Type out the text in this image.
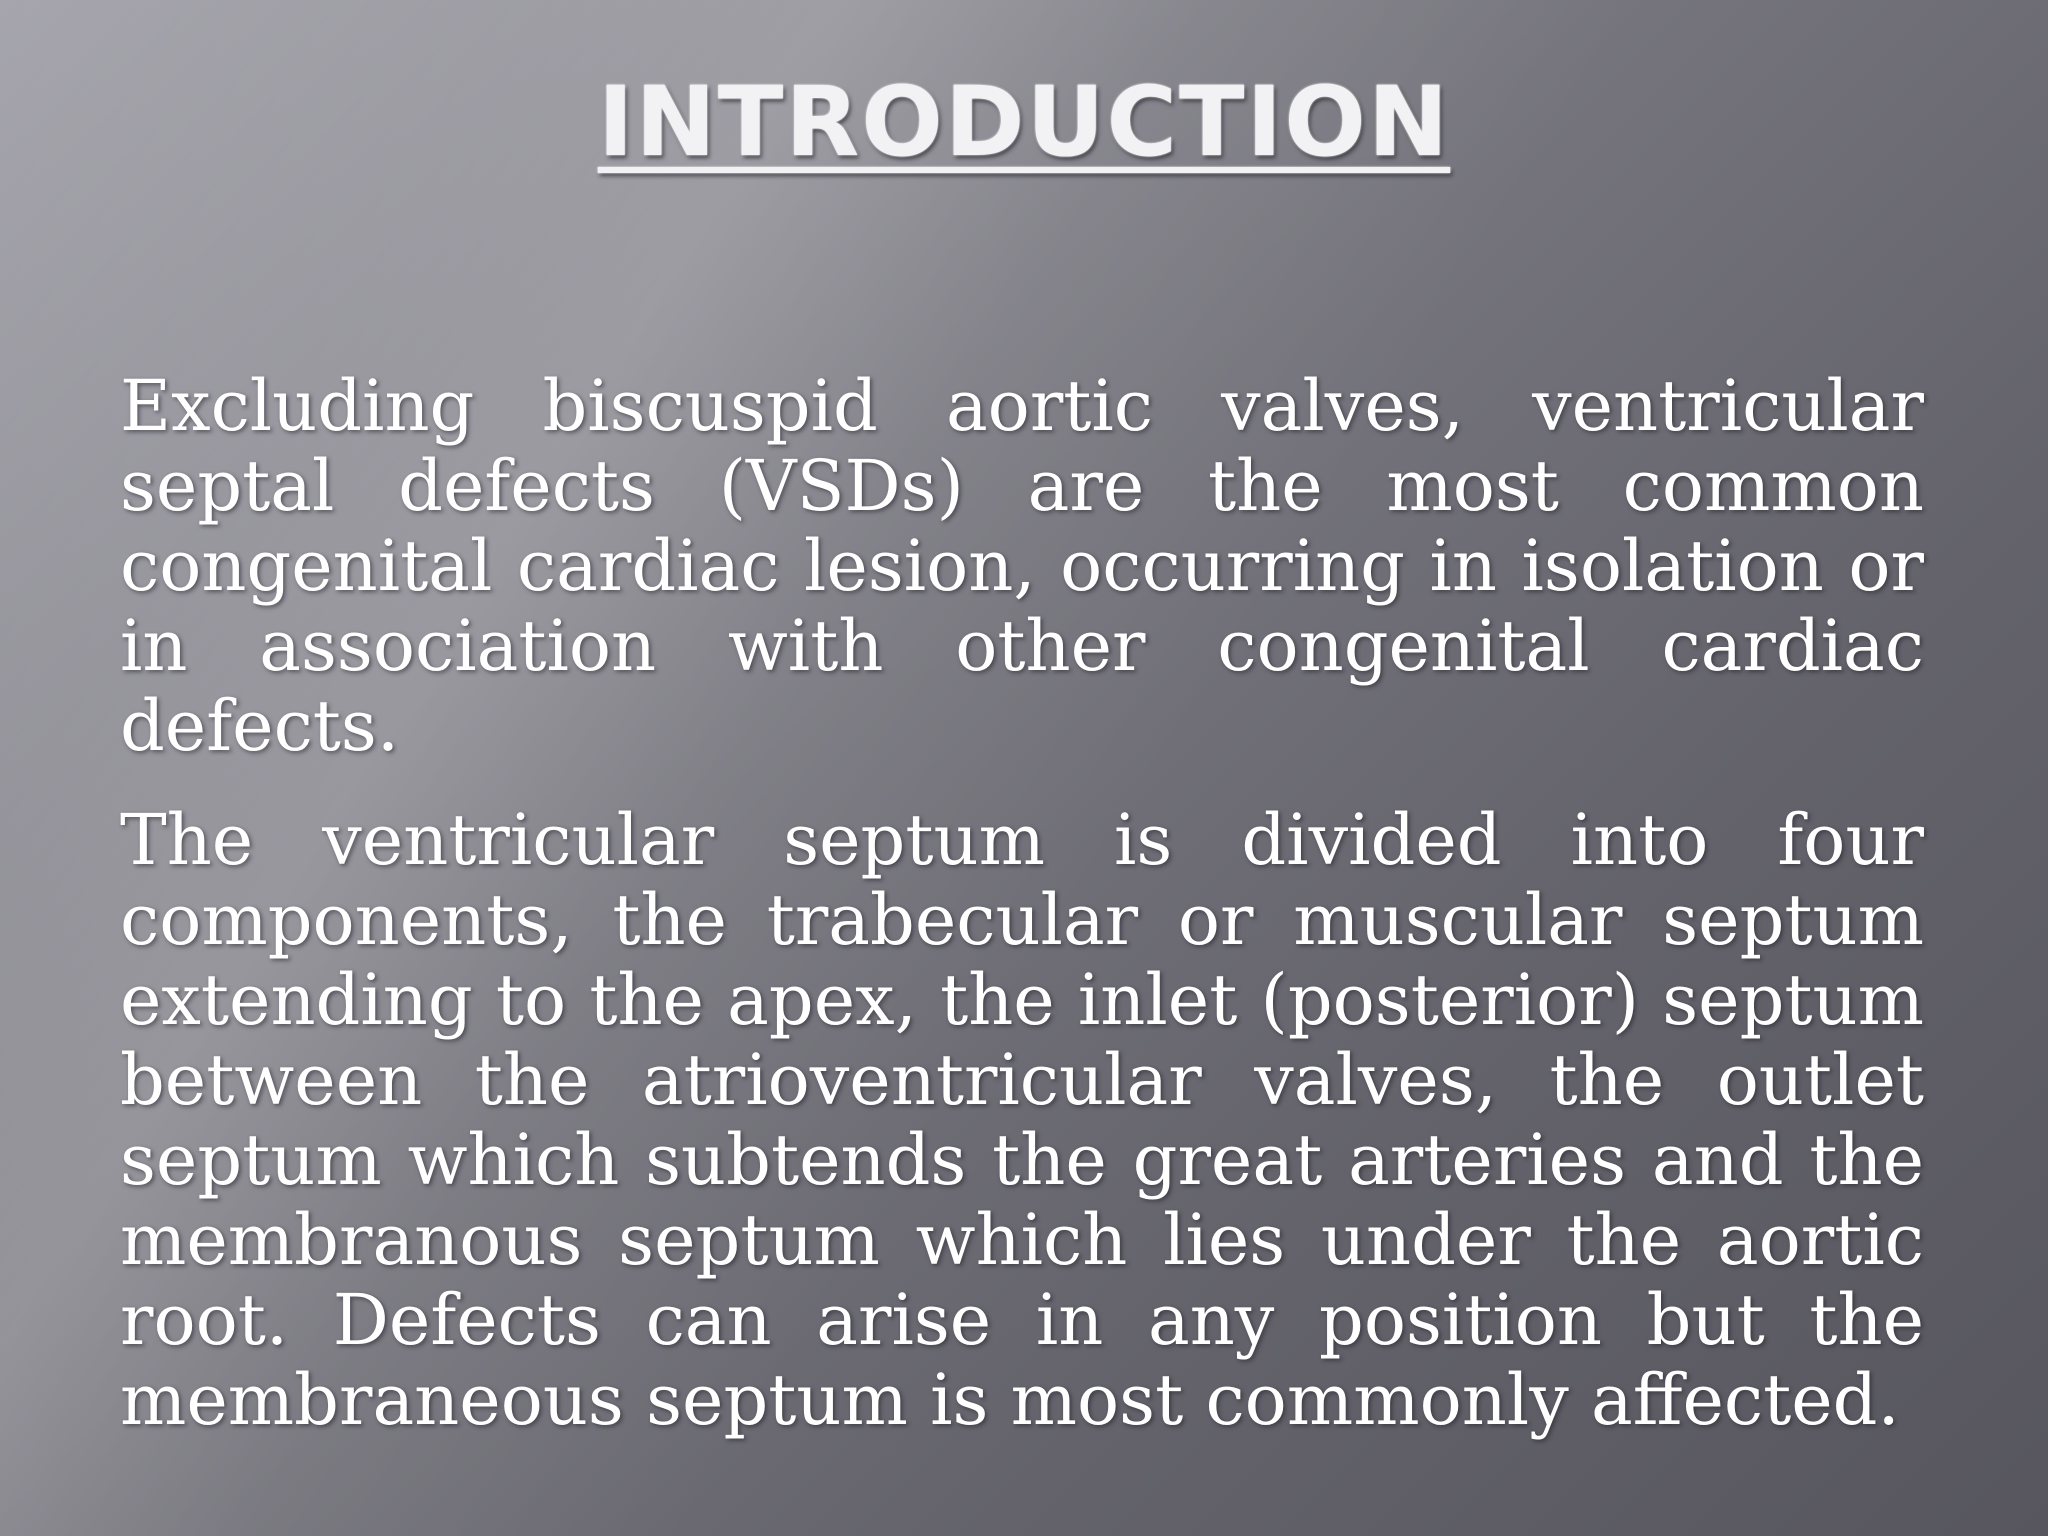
INTRODUCTION

Excluding biscuspid aortic valves, ventricular septal defects (VSDs) are the most common congenital cardiac lesion, occurring in isolation or in association with other congenital cardiac defects.

The ventricular septum is divided into four components, the trabecular or muscular septum extending to the apex, the inlet (posterior) septum between the atrioventricular valves, the outlet septum which subtends the great arteries and the membranous septum which lies under the aortic root. Defects can arise in any position but the membraneous septum is most commonly affected.
